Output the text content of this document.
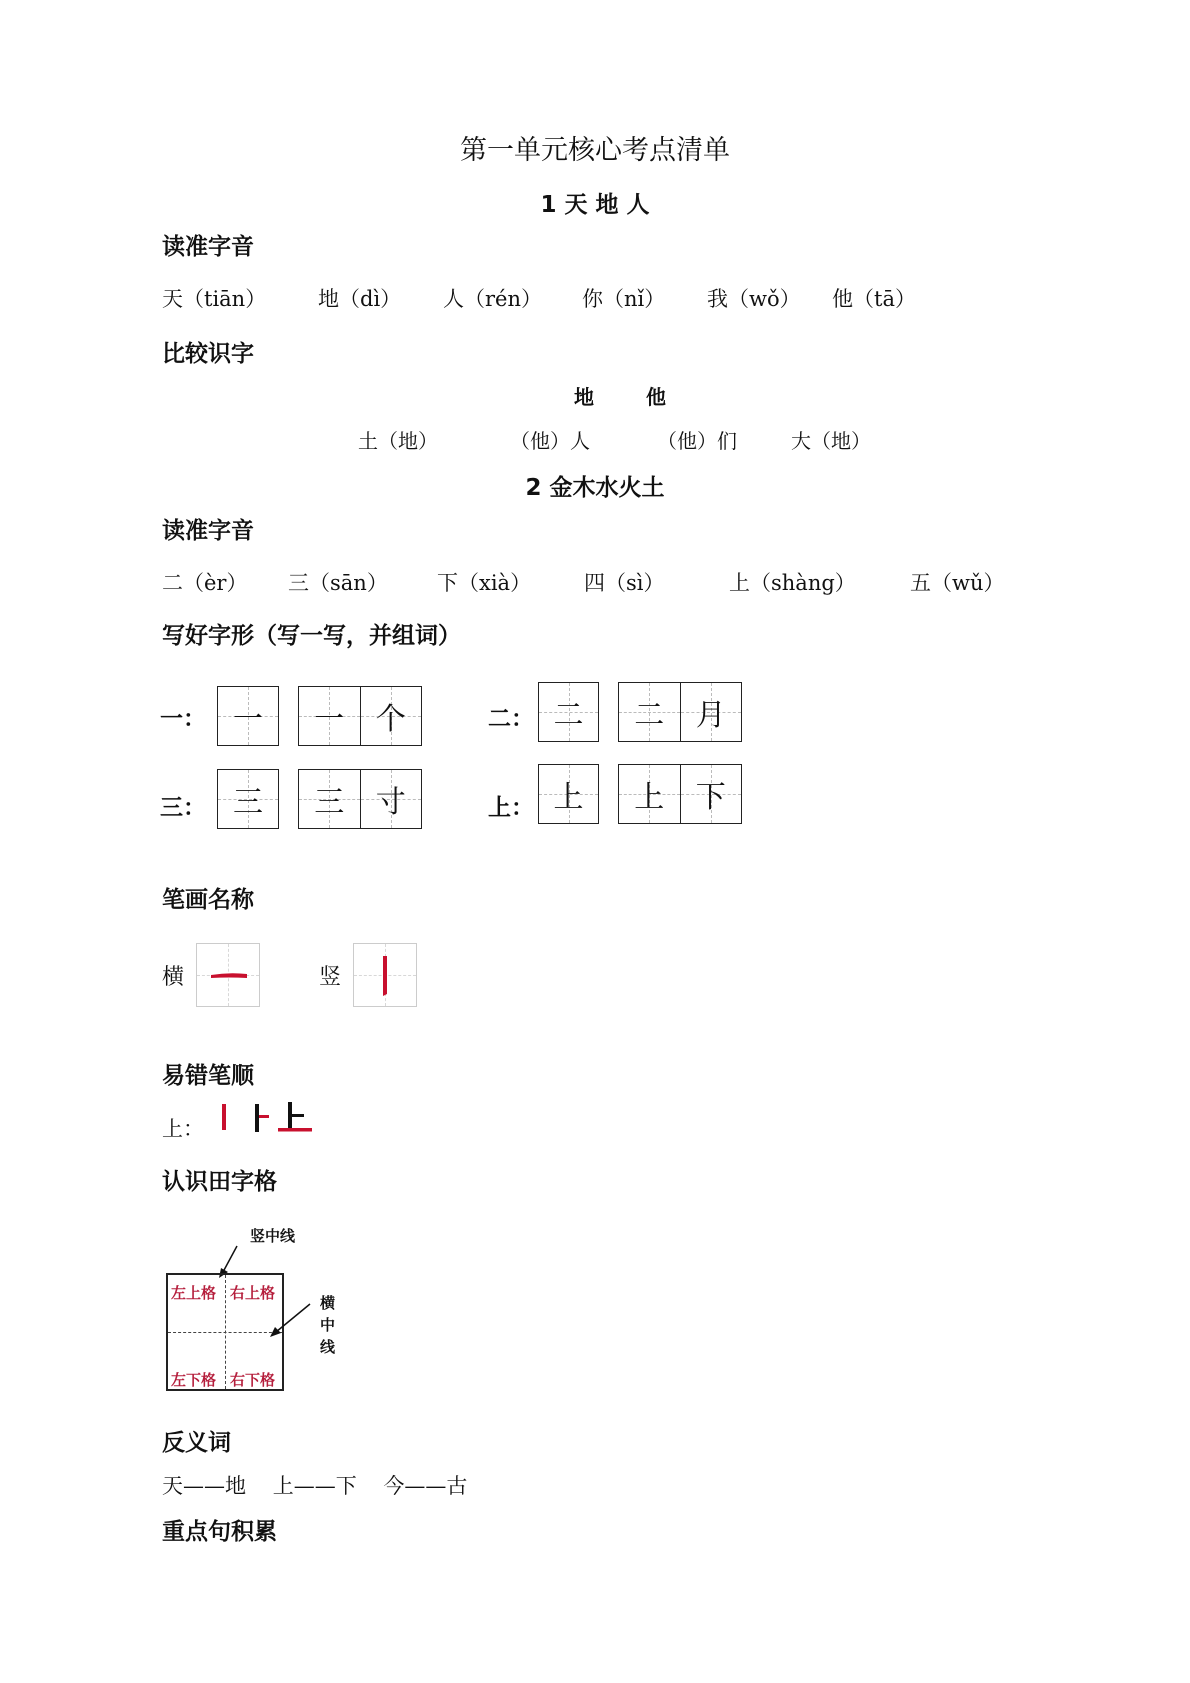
第一单元核心考点清单
1 天 地 人
读准字音
天（tiān） 地（dì） 人（rén） 你（nǐ） 我（wǒ） 他（tā）
比较识字
地	他
土（地）	（他）人	（他）们	大（地）
2 金木水火土
读准字音
二（èr） 三（sān） 下（xià）	四（sì）	上（shàng）	五（wǔ）
写好字形（写一写，并组词）
一： 一 一 个	二： 二 二 月
三： 三 三 寸	上： 上 上 下
笔画名称
横	竖
易错笔顺
上：
认识田字格
竖中线
左上格 右上格
左下格 右下格
横
中
线
反义词
天——地    上——下    今——古
重点句积累
